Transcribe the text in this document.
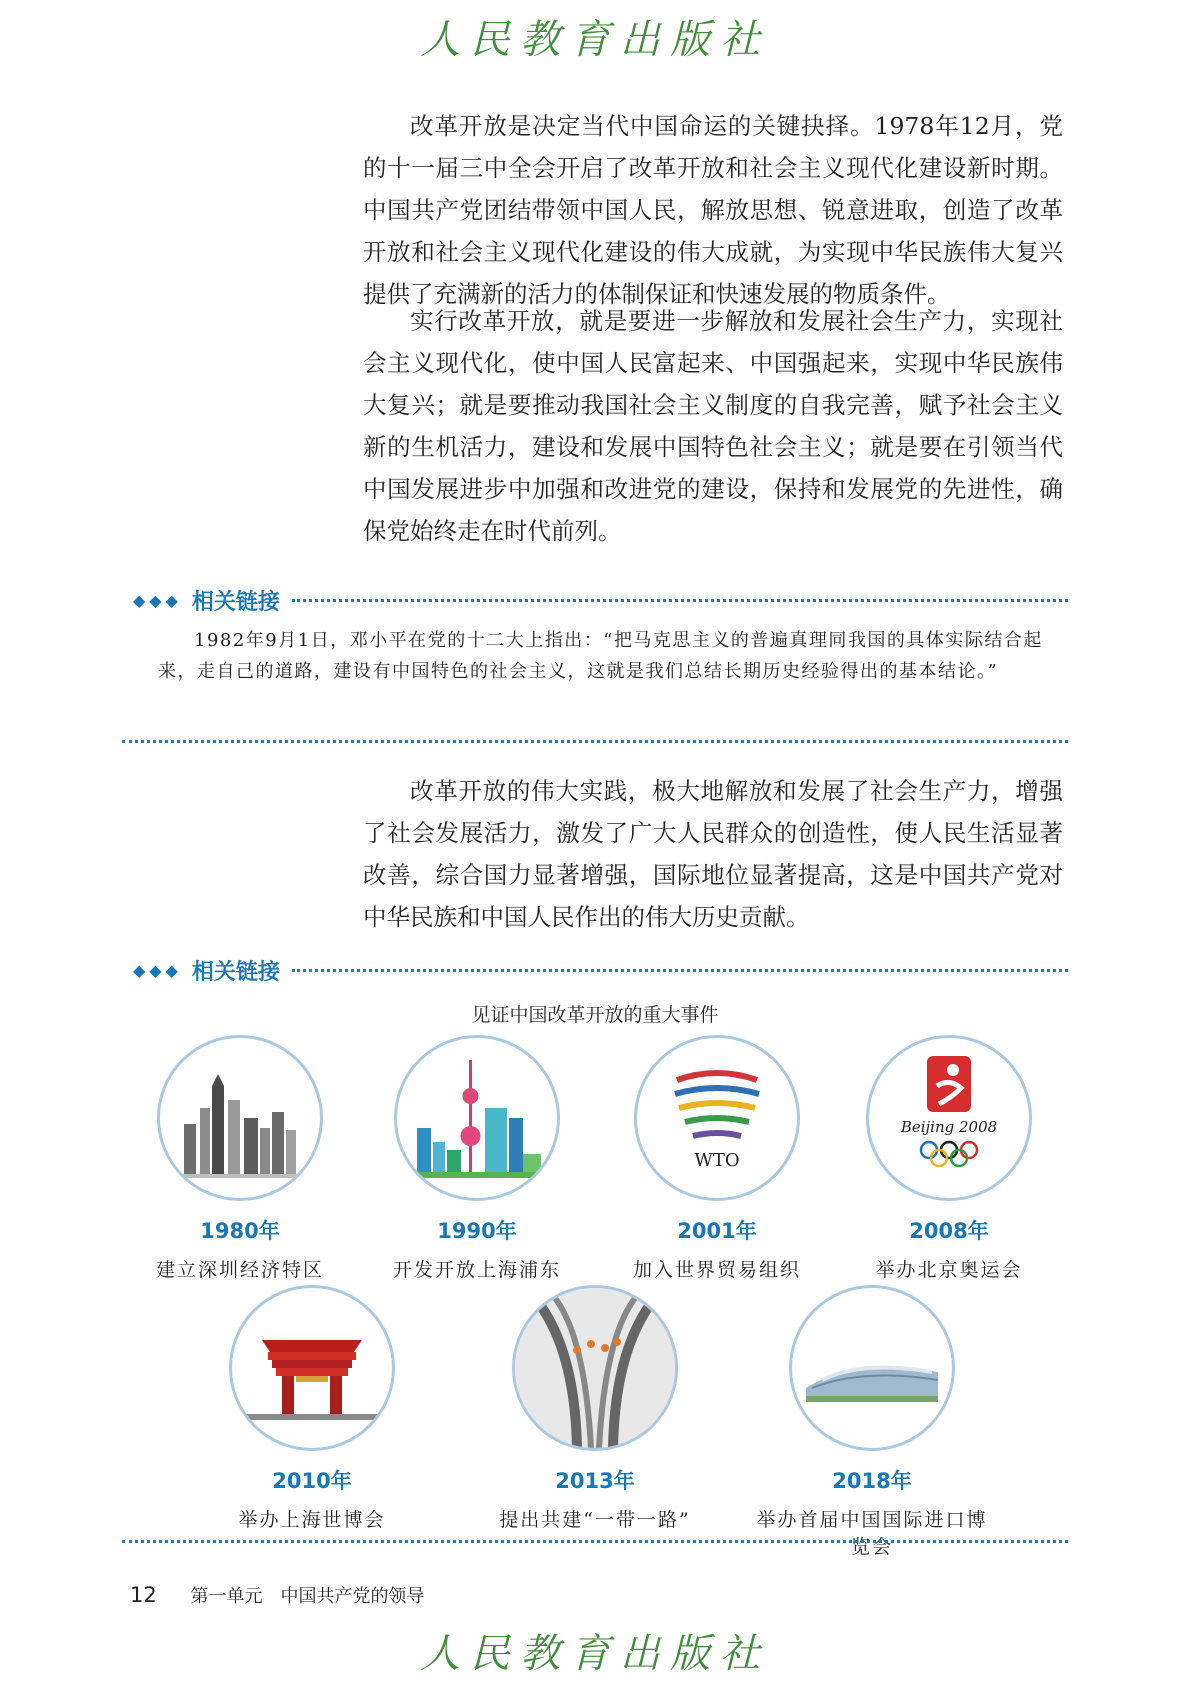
人民教育出版社

改革开放是决定当代中国命运的关键抉择。1978年12月，党的十一届三中全会开启了改革开放和社会主义现代化建设新时期。中国共产党团结带领中国人民，解放思想、锐意进取，创造了改革开放和社会主义现代化建设的伟大成就，为实现中华民族伟大复兴提供了充满新的活力的体制保证和快速发展的物质条件。

实行改革开放，就是要进一步解放和发展社会生产力，实现社会主义现代化，使中国人民富起来、中国强起来，实现中华民族伟大复兴；就是要推动我国社会主义制度的自我完善，赋予社会主义新的生机活力，建设和发展中国特色社会主义；就是要在引领当代中国发展进步中加强和改进党的建设，保持和发展党的先进性，确保党始终走在时代前列。

◆◆◆ 相关链接

1982年9月1日，邓小平在党的十二大上指出：“把马克思主义的普遍真理同我国的具体实际结合起来，走自己的道路，建设有中国特色的社会主义，这就是我们总结长期历史经验得出的基本结论。”

改革开放的伟大实践，极大地解放和发展了社会生产力，增强了社会发展活力，激发了广大人民群众的创造性，使人民生活显著改善，综合国力显著增强，国际地位显著提高，这是中国共产党对中华民族和中国人民作出的伟大历史贡献。

◆◆◆ 相关链接
见证中国改革开放的重大事件
1980年
建立深圳经济特区
1990年
开发开放上海浦东
WTO
2001年
加入世界贸易组织
Beijing 2008
2008年
举办北京奥运会
2010年
举办上海世博会
2013年
提出共建“一带一路”
2018年
举办首届中国国际进口博览会
12 第一单元　中国共产党的领导
人民教育出版社
